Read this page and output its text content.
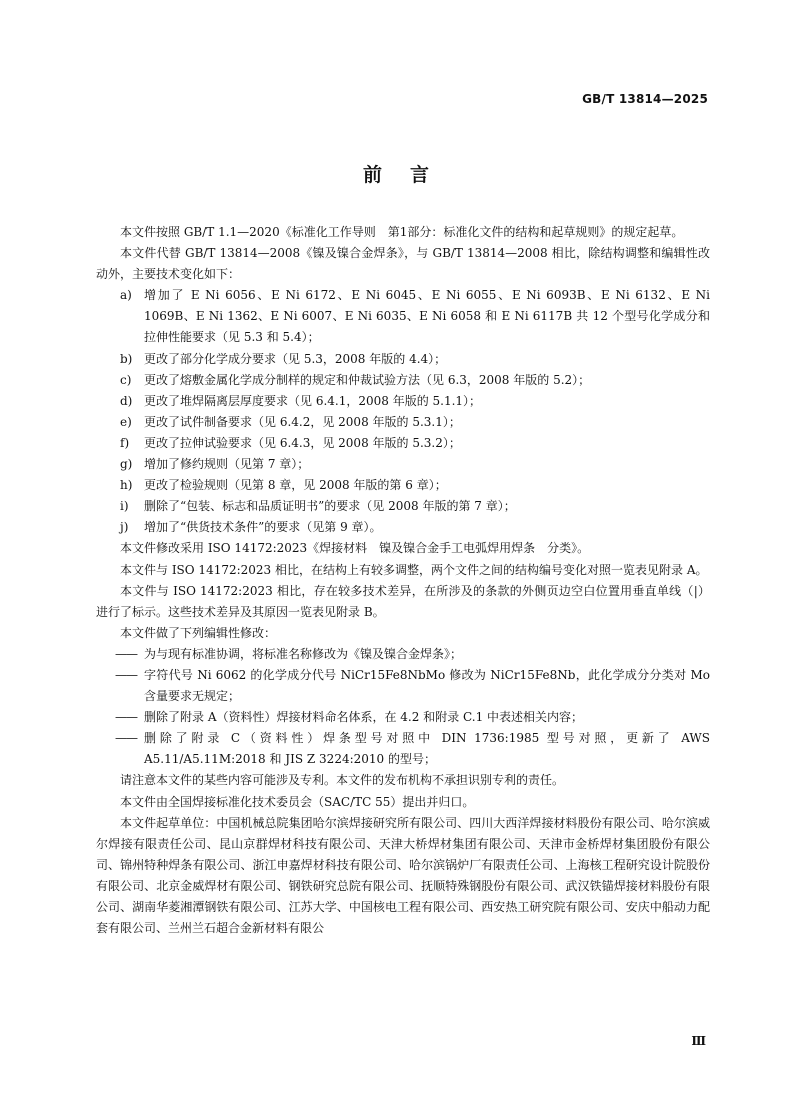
GB/T 13814—2025
前言

本文件按照 GB/T 1.1—2020《标准化工作导则　第1部分：标准化文件的结构和起草规则》的规定起草。

本文件代替 GB/T 13814—2008《镍及镍合金焊条》，与 GB/T 13814—2008 相比，除结构调整和编辑性改动外，主要技术变化如下：

a)	增加了 E Ni 6056、E Ni 6172、E Ni 6045、E Ni 6055、E Ni 6093B、E Ni 6132、E Ni 1069B、E Ni 1362、E Ni 6007、E Ni 6035、E Ni 6058 和 E Ni 6117B 共 12 个型号化学成分和拉伸性能要求（见 5.3 和 5.4）；
b) 更改了部分化学成分要求（见 5.3，2008 年版的 4.4）；
c)	更改了熔敷金属化学成分制样的规定和仲裁试验方法（见 6.3，2008 年版的 5.2）；
d) 更改了堆焊隔离层厚度要求（见 6.4.1，2008 年版的 5.1.1）；
e)	更改了试件制备要求（见 6.4.2，见 2008 年版的 5.3.1）；
f)	更改了拉伸试验要求（见 6.4.3，见 2008 年版的 5.3.2）；
g) 增加了修约规则（见第 7 章）；
h) 更改了检验规则（见第 8 章，见 2008 年版的第 6 章）；
i)	删除了“包装、标志和品质证明书”的要求（见 2008 年版的第 7 章）；
j)	增加了“供货技术条件”的要求（见第 9 章）。

本文件修改采用 ISO 14172:2023《焊接材料　镍及镍合金手工电弧焊用焊条　分类》。

本文件与 ISO 14172:2023 相比，在结构上有较多调整，两个文件之间的结构编号变化对照一览表见附录 A。

本文件与 ISO 14172:2023 相比，存在较多技术差异，在所涉及的条款的外侧页边空白位置用垂直单线（|）进行了标示。这些技术差异及其原因一览表见附录 B。

本文件做了下列编辑性修改：

—— 为与现有标准协调，将标准名称修改为《镍及镍合金焊条》；
—— 字符代号 Ni 6062 的化学成分代号 NiCr15Fe8NbMo 修改为 NiCr15Fe8Nb，此化学成分分类对 Mo 含量要求无规定；
—— 删除了附录 A（资料性）焊接材料命名体系，在 4.2 和附录 C.1 中表述相关内容；
—— 删除了附录 C（资料性）焊条型号对照中 DIN 1736:1985 型号对照，更新了 AWS A5.11/A5.11M:2018 和 JIS Z 3224:2010 的型号；

请注意本文件的某些内容可能涉及专利。本文件的发布机构不承担识别专利的责任。

本文件由全国焊接标准化技术委员会（SAC/TC 55）提出并归口。

本文件起草单位：中国机械总院集团哈尔滨焊接研究所有限公司、四川大西洋焊接材料股份有限公司、哈尔滨威尔焊接有限责任公司、昆山京群焊材科技有限公司、天津大桥焊材集团有限公司、天津市金桥焊材集团股份有限公司、锦州特种焊条有限公司、浙江申嘉焊材科技有限公司、哈尔滨锅炉厂有限责任公司、上海核工程研究设计院股份有限公司、北京金威焊材有限公司、钢铁研究总院有限公司、抚顺特殊钢股份有限公司、武汉铁锚焊接材料股份有限公司、湖南华菱湘潭钢铁有限公司、江苏大学、中国核电工程有限公司、西安热工研究院有限公司、安庆中船动力配套有限公司、兰州兰石超合金新材料有限公

Ⅲ
